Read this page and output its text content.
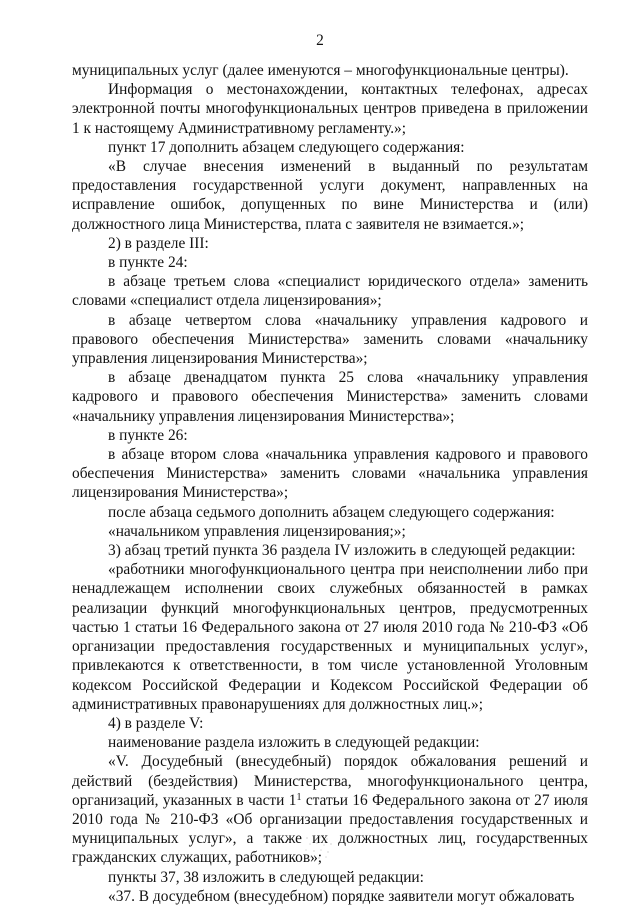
2

муниципальных услуг (далее именуются – многофункциональные центры).

Информация о местонахождении, контактных телефонах, адресах электронной почты многофункциональных центров приведена в приложении 1 к настоящему Административному регламенту.»;

пункт 17 дополнить абзацем следующего содержания:

«В случае внесения изменений в выданный по результатам предоставления государственной услуги документ, направленных на исправление ошибок, допущенных по вине Министерства и (или) должностного лица Министерства, плата с заявителя не взимается.»;

2) в разделе III:

в пункте 24:

в абзаце третьем слова «специалист юридического отдела» заменить словами «специалист отдела лицензирования»;

в абзаце четвертом слова «начальнику управления кадрового и правового обеспечения Министерства» заменить словами «начальнику управления лицензирования Министерства»;

в абзаце двенадцатом пункта 25 слова «начальнику управления кадрового и правового обеспечения Министерства» заменить словами «начальнику управления лицензирования Министерства»;

в пункте 26:

в абзаце втором слова «начальника управления кадрового и правового обеспечения Министерства» заменить словами «начальника управления лицензирования Министерства»;

после абзаца седьмого дополнить абзацем следующего содержания:

«начальником управления лицензирования;»;

3) абзац третий пункта 36 раздела IV изложить в следующей редакции:

«работники многофункционального центра при неисполнении либо при ненадлежащем исполнении своих служебных обязанностей в рамках реализации функций многофункциональных центров, предусмотренных частью 1 статьи 16 Федерального закона от 27 июля 2010 года № 210-ФЗ «Об организации предоставления государственных и муниципальных услуг», привлекаются к ответственности, в том числе установленной Уголовным кодексом Российской Федерации и Кодексом Российской Федерации об административных правонарушениях для должностных лиц.»;

4) в разделе V:

наименование раздела изложить в следующей редакции:

«V. Досудебный (внесудебный) порядок обжалования решений и действий (бездействия) Министерства, многофункционального центра, организаций, указанных в части $1^1$ статьи 16 Федерального закона от 27 июля 2010 года № 210-ФЗ «Об организации предоставления государственных и муниципальных услуг», а также их должностных лиц, государственных гражданских служащих, работников»;

пункты 37, 38 изложить в следующей редакции:

«37. В досудебном (внесудебном) порядке заявители могут обжаловать
